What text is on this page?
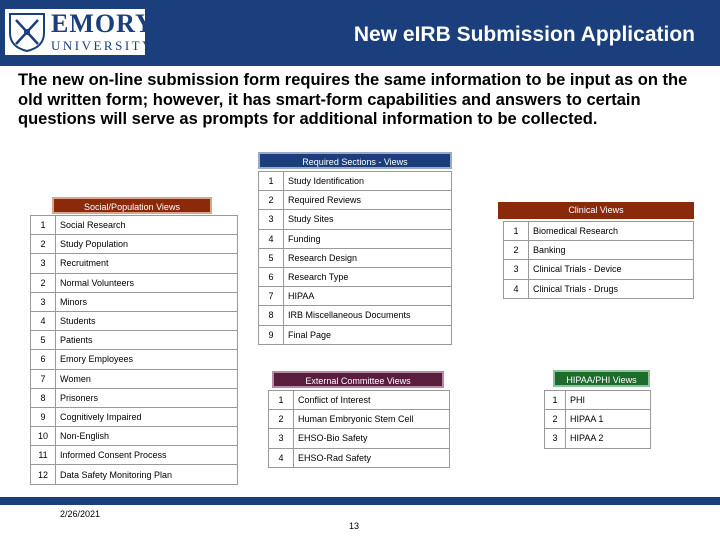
EMORY
UNIVERSITY	New eIRB Submission Application
The new on-line submission form requires the same information to be input as on the old written form; however, it has smart-form capabilities and answers to certain questions will serve as prompts for additional information to be collected.
Required Sections - Views
1	Study Identification
2	Required Reviews
3	Study Sites
4	Funding
5	Research Design
6	Research Type
7	HIPAA
8	IRB Miscellaneous Documents
9	Final Page
Social/Population Views
1	Social Research
2	Study Population
3	Recruitment
2	Normal Volunteers
3	Minors
4	Students
5	Patients
6	Emory Employees
7	Women
8	Prisoners
9	Cognitively Impaired
10	Non-English
11	Informed Consent Process
12	Data Safety Monitoring Plan
Clinical Views
1	Biomedical Research
2	Banking
3	Clinical Trials - Device
4	Clinical Trials - Drugs
External Committee Views
1	Conflict of Interest
2	Human Embryonic Stem Cell
3	EHSO-Bio Safety
4	EHSO-Rad Safety
HIPAA/PHI Views
1	PHI
2	HIPAA 1
3	HIPAA 2
2/26/2021
13
